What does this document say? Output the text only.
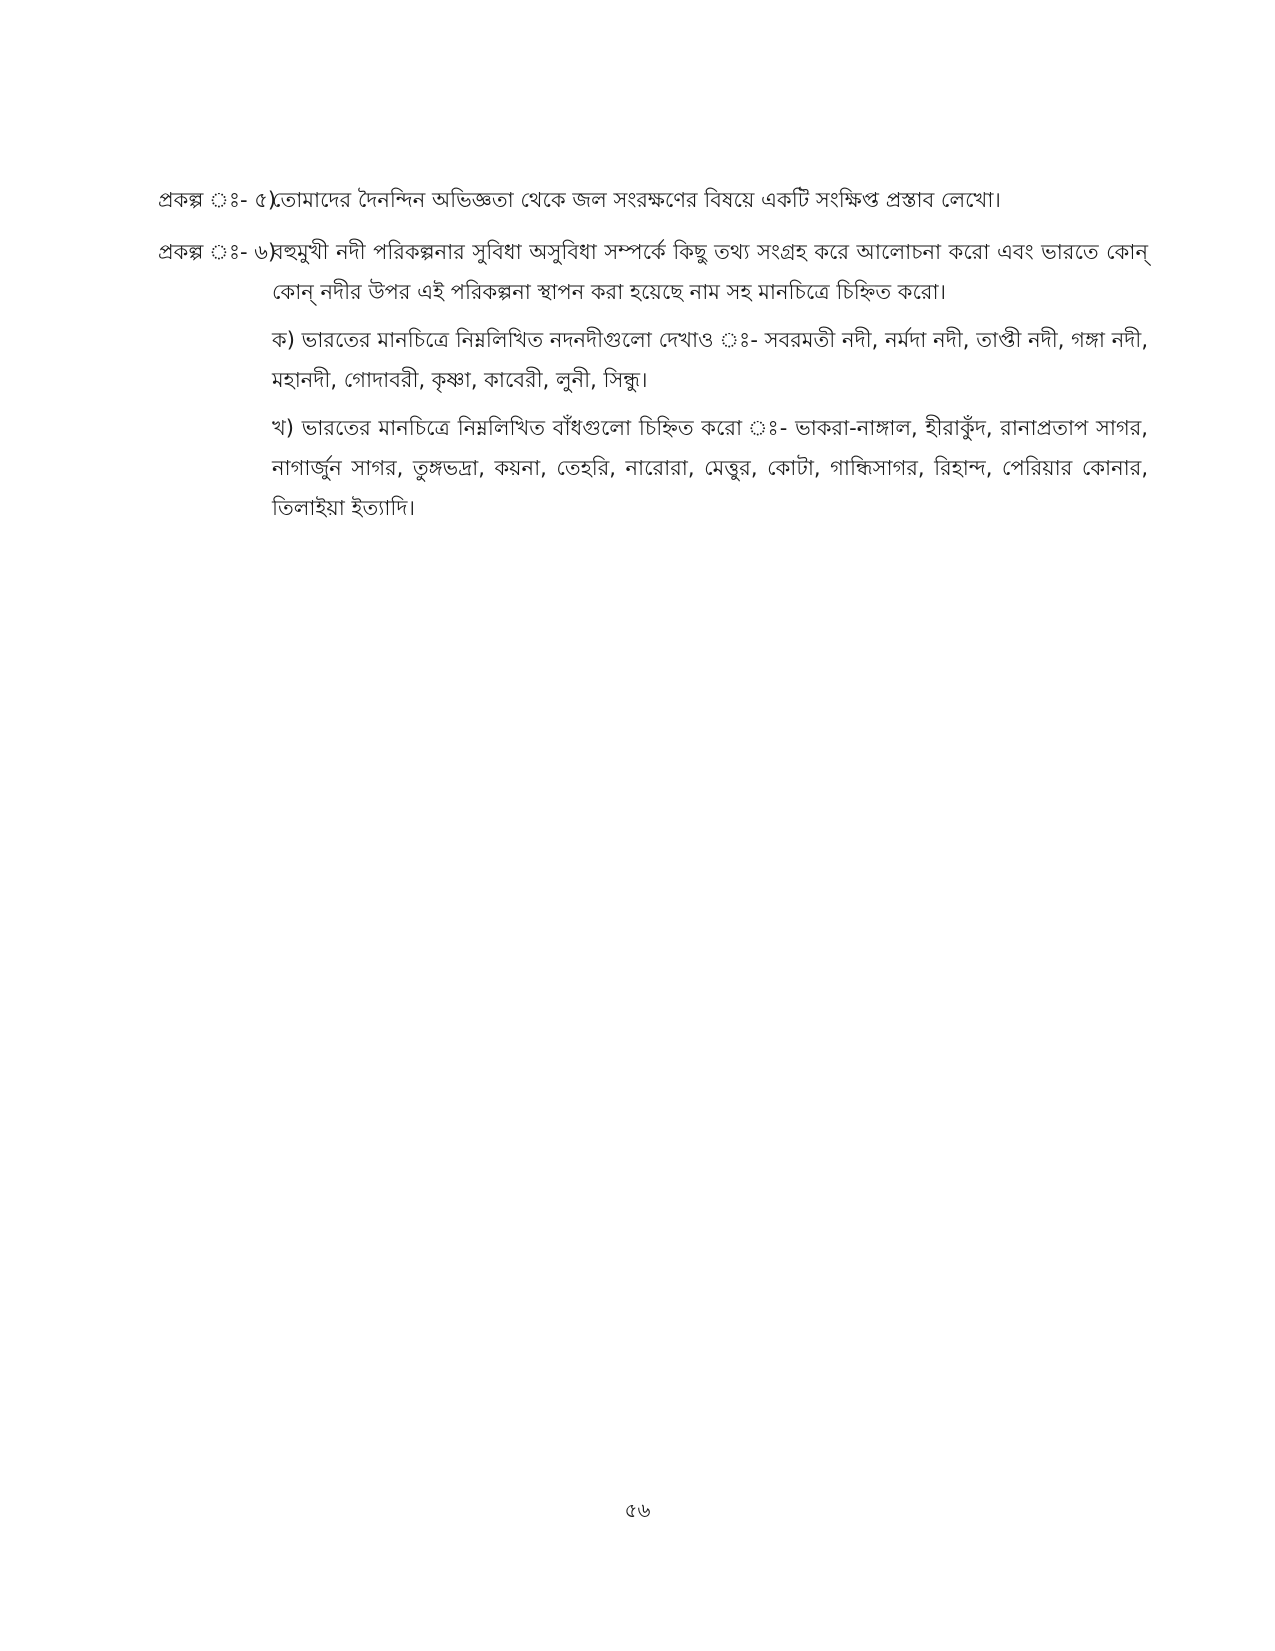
প্রকল্প ঃ- ৫)

তোমাদের দৈনন্দিন অভিজ্ঞতা থেকে জল সংরক্ষণের বিষয়ে একটি সংক্ষিপ্ত প্রস্তাব লেখো।

প্রকল্প ঃ- ৬)

বহুমুখী নদী পরিকল্পনার সুবিধা অসুবিধা সম্পর্কে কিছু তথ্য সংগ্রহ করে আলোচনা করো এবং ভারতে কোন্ কোন্ নদীর উপর এই পরিকল্পনা স্থাপন করা হয়েছে নাম সহ মানচিত্রে চিহ্নিত করো।

ক) ভারতের মানচিত্রে নিম্নলিখিত নদনদীগুলো দেখাও ঃ- সবরমতী নদী, নর্মদা নদী, তাপ্তী নদী, গঙ্গা নদী, মহানদী, গোদাবরী, কৃষ্ণা, কাবেরী, লুনী, সিন্ধু।

খ) ভারতের মানচিত্রে নিম্নলিখিত বাঁধগুলো চিহ্নিত করো ঃ- ভাকরা-নাঙ্গাল, হীরাকুঁদ, রানাপ্রতাপ সাগর, নাগার্জুন সাগর, তুঙ্গভদ্রা, কয়না, তেহরি, নারোরা, মেত্তুর, কোটা, গান্ধিসাগর, রিহান্দ, পেরিয়ার কোনার, তিলাইয়া ইত্যাদি।

৫৬
